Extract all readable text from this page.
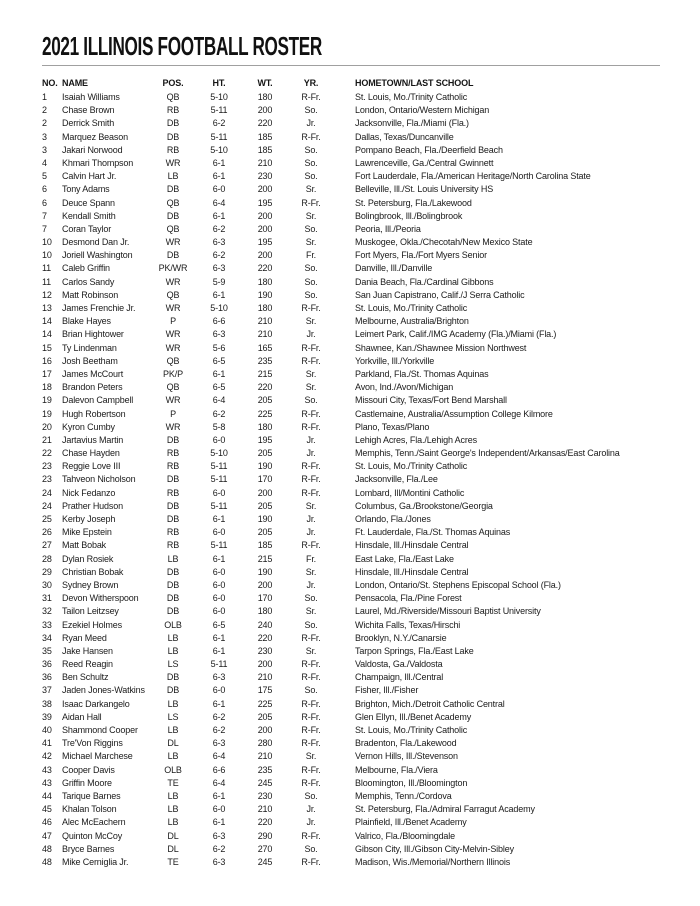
2021 ILLINOIS FOOTBALL ROSTER
NO. NAME	POS.	HT.	WT.	YR.	HOMETOWN/LAST SCHOOL
1	Isaiah Williams	QB	5-10	180	R-Fr.	St. Louis, Mo./Trinity Catholic
2	Chase Brown	RB	5-11	200	So.	London, Ontario/Western Michigan
2	Derrick Smith	DB	6-2	220	Jr.	Jacksonville, Fla./Miami (Fla.)
3	Marquez Beason	DB	5-11	185	R-Fr.	Dallas, Texas/Duncanville
3	Jakari Norwood	RB	5-10	185	So.	Pompano Beach, Fla./Deerfield Beach
4	Khmari Thompson	WR	6-1	210	So.	Lawrenceville, Ga./Central Gwinnett
5	Calvin Hart Jr.	LB	6-1	230	So.	Fort Lauderdale, Fla./American Heritage/North Carolina State
6	Tony Adams	DB	6-0	200	Sr.	Belleville, Ill./St. Louis University HS
6	Deuce Spann	QB	6-4	195	R-Fr.	St. Petersburg, Fla./Lakewood
7	Kendall Smith	DB	6-1	200	Sr.	Bolingbrook, Ill./Bolingbrook
7	Coran Taylor	QB	6-2	200	So.	Peoria, Ill./Peoria
10	Desmond Dan Jr.	WR	6-3	195	Sr.	Muskogee, Okla./Checotah/New Mexico State
10	Joriell Washington	DB	6-2	200	Fr.	Fort Myers, Fla./Fort Myers Senior
11	Caleb Griffin	PK/WR	6-3	220	So.	Danville, Ill./Danville
11	Carlos Sandy	WR	5-9	180	So.	Dania Beach, Fla./Cardinal Gibbons
12	Matt Robinson	QB	6-1	190	So.	San Juan Capistrano, Calif./J Serra Catholic
13	James Frenchie Jr.	WR	5-10	180	R-Fr.	St. Louis, Mo./Trinity Catholic
14	Blake Hayes	P	6-6	210	Sr.	Melbourne, Australia/Brighton
14	Brian Hightower	WR	6-3	210	Jr.	Leimert Park, Calif./IMG Academy (Fla.)/Miami (Fla.)
15	Ty Lindenman	WR	5-6	165	R-Fr.	Shawnee, Kan./Shawnee Mission Northwest
16	Josh Beetham	QB	6-5	235	R-Fr.	Yorkville, Ill./Yorkville
17	James McCourt	PK/P	6-1	215	Sr.	Parkland, Fla./St. Thomas Aquinas
18	Brandon Peters	QB	6-5	220	Sr.	Avon, Ind./Avon/Michigan
19	Dalevon Campbell	WR	6-4	205	So.	Missouri City, Texas/Fort Bend Marshall
19	Hugh Robertson	P	6-2	225	R-Fr.	Castlemaine, Australia/Assumption College Kilmore
20	Kyron Cumby	WR	5-8	180	R-Fr.	Plano, Texas/Plano
21	Jartavius Martin	DB	6-0	195	Jr.	Lehigh Acres, Fla./Lehigh Acres
22	Chase Hayden	RB	5-10	205	Jr.	Memphis, Tenn./Saint George's Independent/Arkansas/East Carolina
23	Reggie Love III	RB	5-11	190	R-Fr.	St. Louis, Mo./Trinity Catholic
23	Tahveon Nicholson	DB	5-11	170	R-Fr.	Jacksonville, Fla./Lee
24	Nick Fedanzo	RB	6-0	200	R-Fr.	Lombard, Ill/Montini Catholic
24	Prather Hudson	DB	5-11	205	Sr.	Columbus, Ga./Brookstone/Georgia
25	Kerby Joseph	DB	6-1	190	Jr.	Orlando, Fla./Jones
26	Mike Epstein	RB	6-0	205	Jr.	Ft. Lauderdale, Fla./St. Thomas Aquinas
27	Matt Bobak	RB	5-11	185	R-Fr.	Hinsdale, Ill./Hinsdale Central
28	Dylan Rosiek	LB	6-1	215	Fr.	East Lake, Fla./East Lake
29	Christian Bobak	DB	6-0	190	Sr.	Hinsdale, Ill./Hinsdale Central
30	Sydney Brown	DB	6-0	200	Jr.	London, Ontario/St. Stephens Episcopal School (Fla.)
31	Devon Witherspoon	DB	6-0	170	So.	Pensacola, Fla./Pine Forest
32	Tailon Leitzsey	DB	6-0	180	Sr.	Laurel, Md./Riverside/Missouri Baptist University
33	Ezekiel Holmes	OLB	6-5	240	So.	Wichita Falls, Texas/Hirschi
34	Ryan Meed	LB	6-1	220	R-Fr.	Brooklyn, N.Y./Canarsie
35	Jake Hansen	LB	6-1	230	Sr.	Tarpon Springs, Fla./East Lake
36	Reed Reagin	LS	5-11	200	R-Fr.	Valdosta, Ga./Valdosta
36	Ben Schultz	DB	6-3	210	R-Fr.	Champaign, Ill./Central
37	Jaden Jones-Watkins	DB	6-0	175	So.	Fisher, Ill./Fisher
38	Isaac Darkangelo	LB	6-1	225	R-Fr.	Brighton, Mich./Detroit Catholic Central
39	Aidan Hall	LS	6-2	205	R-Fr.	Glen Ellyn, Ill./Benet Academy
40	Shammond Cooper	LB	6-2	200	R-Fr.	St. Louis, Mo./Trinity Catholic
41	Tre'Von Riggins	DL	6-3	280	R-Fr.	Bradenton, Fla./Lakewood
42	Michael Marchese	LB	6-4	210	Sr.	Vernon Hills, Ill./Stevenson
43	Cooper Davis	OLB	6-6	235	R-Fr.	Melbourne, Fla./Viera
43	Griffin Moore	TE	6-4	245	R-Fr.	Bloomington, Ill./Bloomington
44	Tarique Barnes	LB	6-1	230	So.	Memphis, Tenn./Cordova
45	Khalan Tolson	LB	6-0	210	Jr.	St. Petersburg, Fla./Admiral Farragut Academy
46	Alec McEachern	LB	6-1	220	Jr.	Plainfield, Ill./Benet Academy
47	Quinton McCoy	DL	6-3	290	R-Fr.	Valrico, Fla./Bloomingdale
48	Bryce Barnes	DL	6-2	270	So.	Gibson City, Ill./Gibson City-Melvin-Sibley
48	Mike Cerniglia Jr.	TE	6-3	245	R-Fr.	Madison, Wis./Memorial/Northern Illinois
